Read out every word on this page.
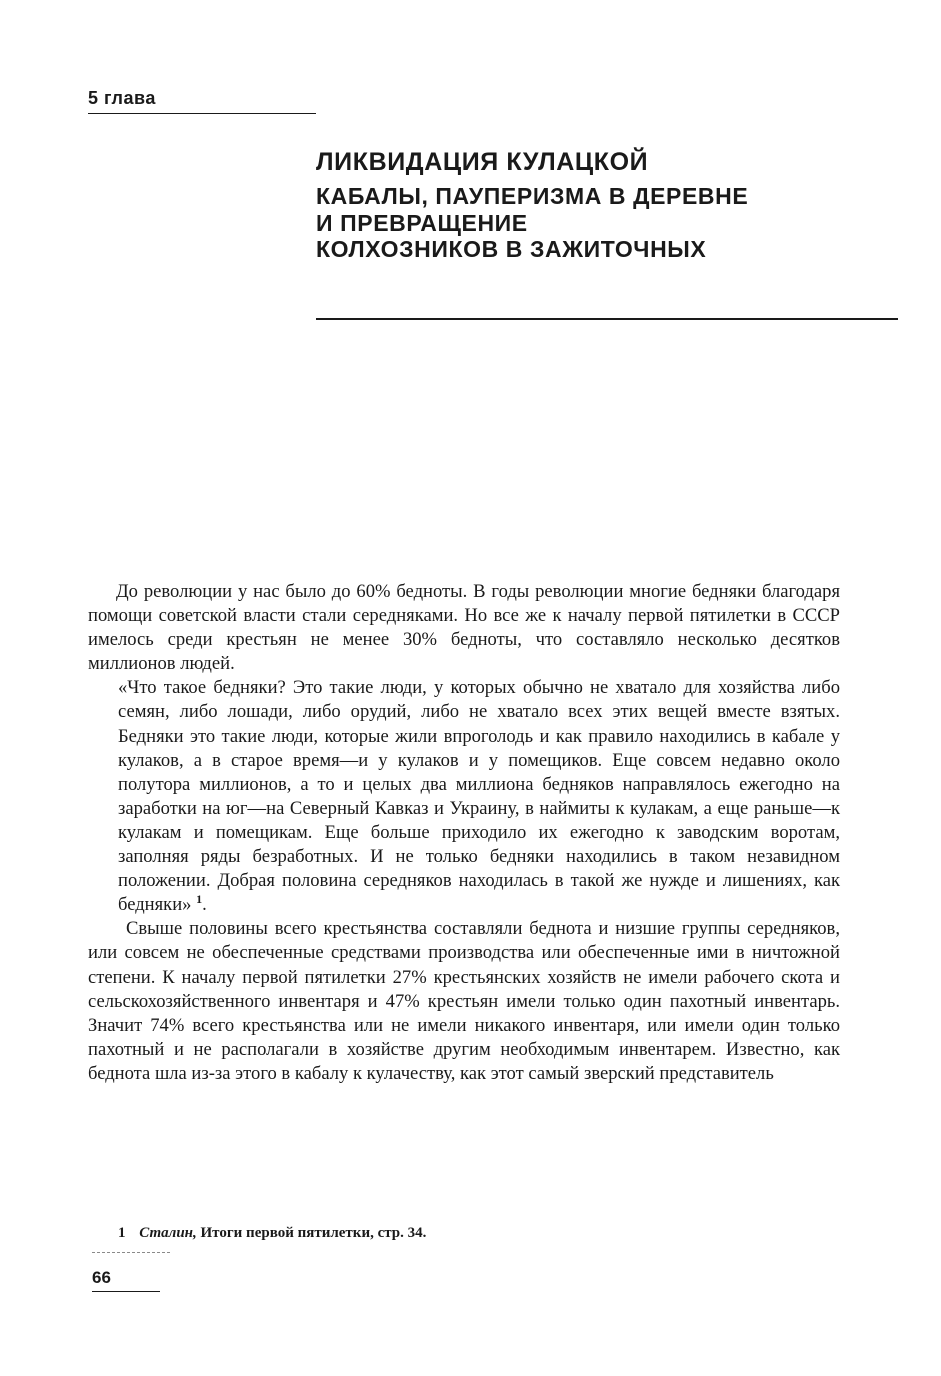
5 глава
ЛИКВИДАЦИЯ КУЛАЦКОЙ
КАБАЛЫ, ПАУПЕРИЗМА В ДЕРЕВНЕ
И ПРЕВРАЩЕНИЕ
КОЛХОЗНИКОВ В ЗАЖИТОЧНЫХ

До революции у нас было до 60% бедноты. В годы революции многие бедняки благодаря помощи советской власти стали середняками. Но все же к началу первой пятилетки в СССР имелось среди крестьян не менее 30% бедноты, что составляло несколько десятков миллионов людей.

«Что такое бедняки? Это такие люди, у которых обычно не хватало для хозяйства либо семян, либо лошади, либо орудий, либо не хватало всех этих вещей вместе взятых. Бедняки это такие люди, которые жили впроголодь и как правило находились в кабале у кулаков, а в старое время—и у кулаков и у помещиков. Еще совсем недавно около полутора миллионов, а то и целых два миллиона бедняков направлялось ежегодно на заработки на юг—на Северный Кавказ и Украину, в наймиты к кулакам, а еще раньше—к кулакам и помещикам. Еще больше приходило их ежегодно к заводским воротам, заполняя ряды безработных. И не только бедняки находились в таком незавидном положении. Добрая половина середняков находилась в такой же нужде и лишениях, как бедняки» $^1$.

Свыше половины всего крестьянства составляли беднота и низшие группы середняков, или совсем не обеспеченные средствами производства или обеспеченные ими в ничтожной степени. К началу первой пятилетки 27% крестьянских хозяйств не имели рабочего скота и сельскохозяйственного инвентаря и 47% крестьян имели только один пахотный инвентарь. Значит 74% всего крестьянства или не имели никакого инвентаря, или имели один только пахотный и не располагали в хозяйстве другим необходимым инвентарем. Известно, как беднота шла из-за этого в кабалу к кулачеству, как этот самый зверский представитель

1 Сталин, Итоги первой пятилетки, стр. 34.
66
